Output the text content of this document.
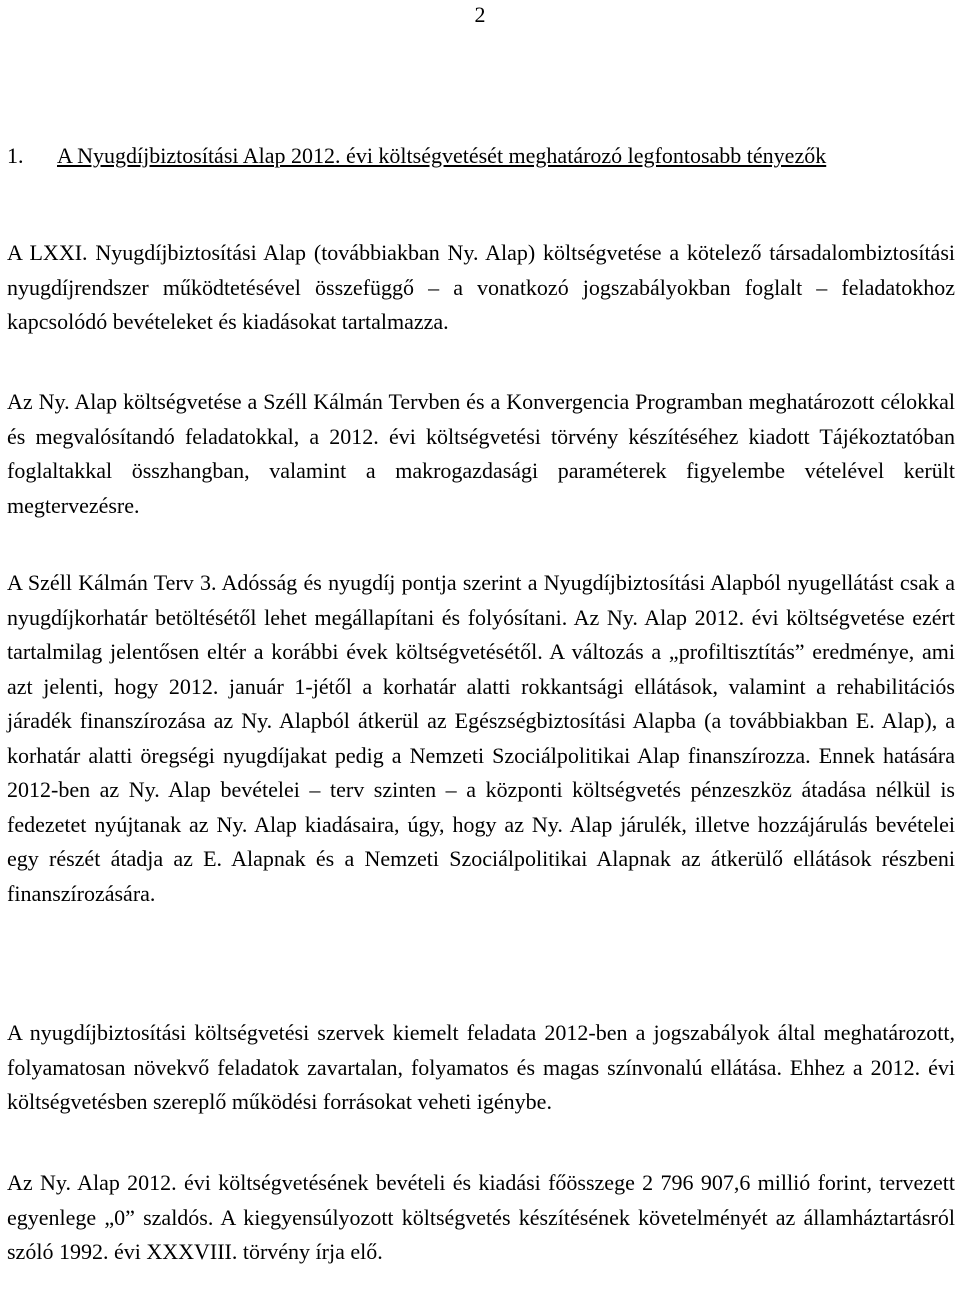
2
1. A Nyugdíjbiztosítási Alap 2012. évi költségvetését meghatározó legfontosabb tényezők

A LXXI. Nyugdíjbiztosítási Alap (továbbiakban Ny. Alap) költségvetése a kötelező társadalombiztosítási nyugdíjrendszer működtetésével összefüggő – a vonatkozó jogszabályokban foglalt – feladatokhoz kapcsolódó bevételeket és kiadásokat tartalmazza.

Az Ny. Alap költségvetése a Széll Kálmán Tervben és a Konvergencia Programban meghatározott célokkal és megvalósítandó feladatokkal, a 2012. évi költségvetési törvény készítéséhez kiadott Tájékoztatóban foglaltakkal összhangban, valamint a makrogazdasági paraméterek figyelembe vételével került megtervezésre.

A Széll Kálmán Terv 3. Adósság és nyugdíj pontja szerint a Nyugdíjbiztosítási Alapból nyugellátást csak a nyugdíjkorhatár betöltésétől lehet megállapítani és folyósítani. Az Ny. Alap 2012. évi költségvetése ezért tartalmilag jelentősen eltér a korábbi évek költségvetésétől. A változás a „profiltisztítás” eredménye, ami azt jelenti, hogy 2012. január 1-jétől a korhatár alatti rokkantsági ellátások, valamint a rehabilitációs járadék finanszírozása az Ny. Alapból átkerül az Egészségbiztosítási Alapba (a továbbiakban E. Alap), a korhatár alatti öregségi nyugdíjakat pedig a Nemzeti Szociálpolitikai Alap finanszírozza. Ennek hatására 2012-ben az Ny. Alap bevételei – terv szinten – a központi költségvetés pénzeszköz átadása nélkül is fedezetet nyújtanak az Ny. Alap kiadásaira, úgy, hogy az Ny. Alap járulék, illetve hozzájárulás bevételei egy részét átadja az E. Alapnak és a Nemzeti Szociálpolitikai Alapnak az átkerülő ellátások részbeni finanszírozására.

A nyugdíjbiztosítási költségvetési szervek kiemelt feladata 2012-ben a jogszabályok által meghatározott, folyamatosan növekvő feladatok zavartalan, folyamatos és magas színvonalú ellátása. Ehhez a 2012. évi költségvetésben szereplő működési forrásokat veheti igénybe.

Az Ny. Alap 2012. évi költségvetésének bevételi és kiadási főösszege 2 796 907,6 millió forint, tervezett egyenlege „0” szaldós. A kiegyensúlyozott költségvetés készítésének követelményét az államháztartásról szóló 1992. évi XXXVIII. törvény írja elő.
